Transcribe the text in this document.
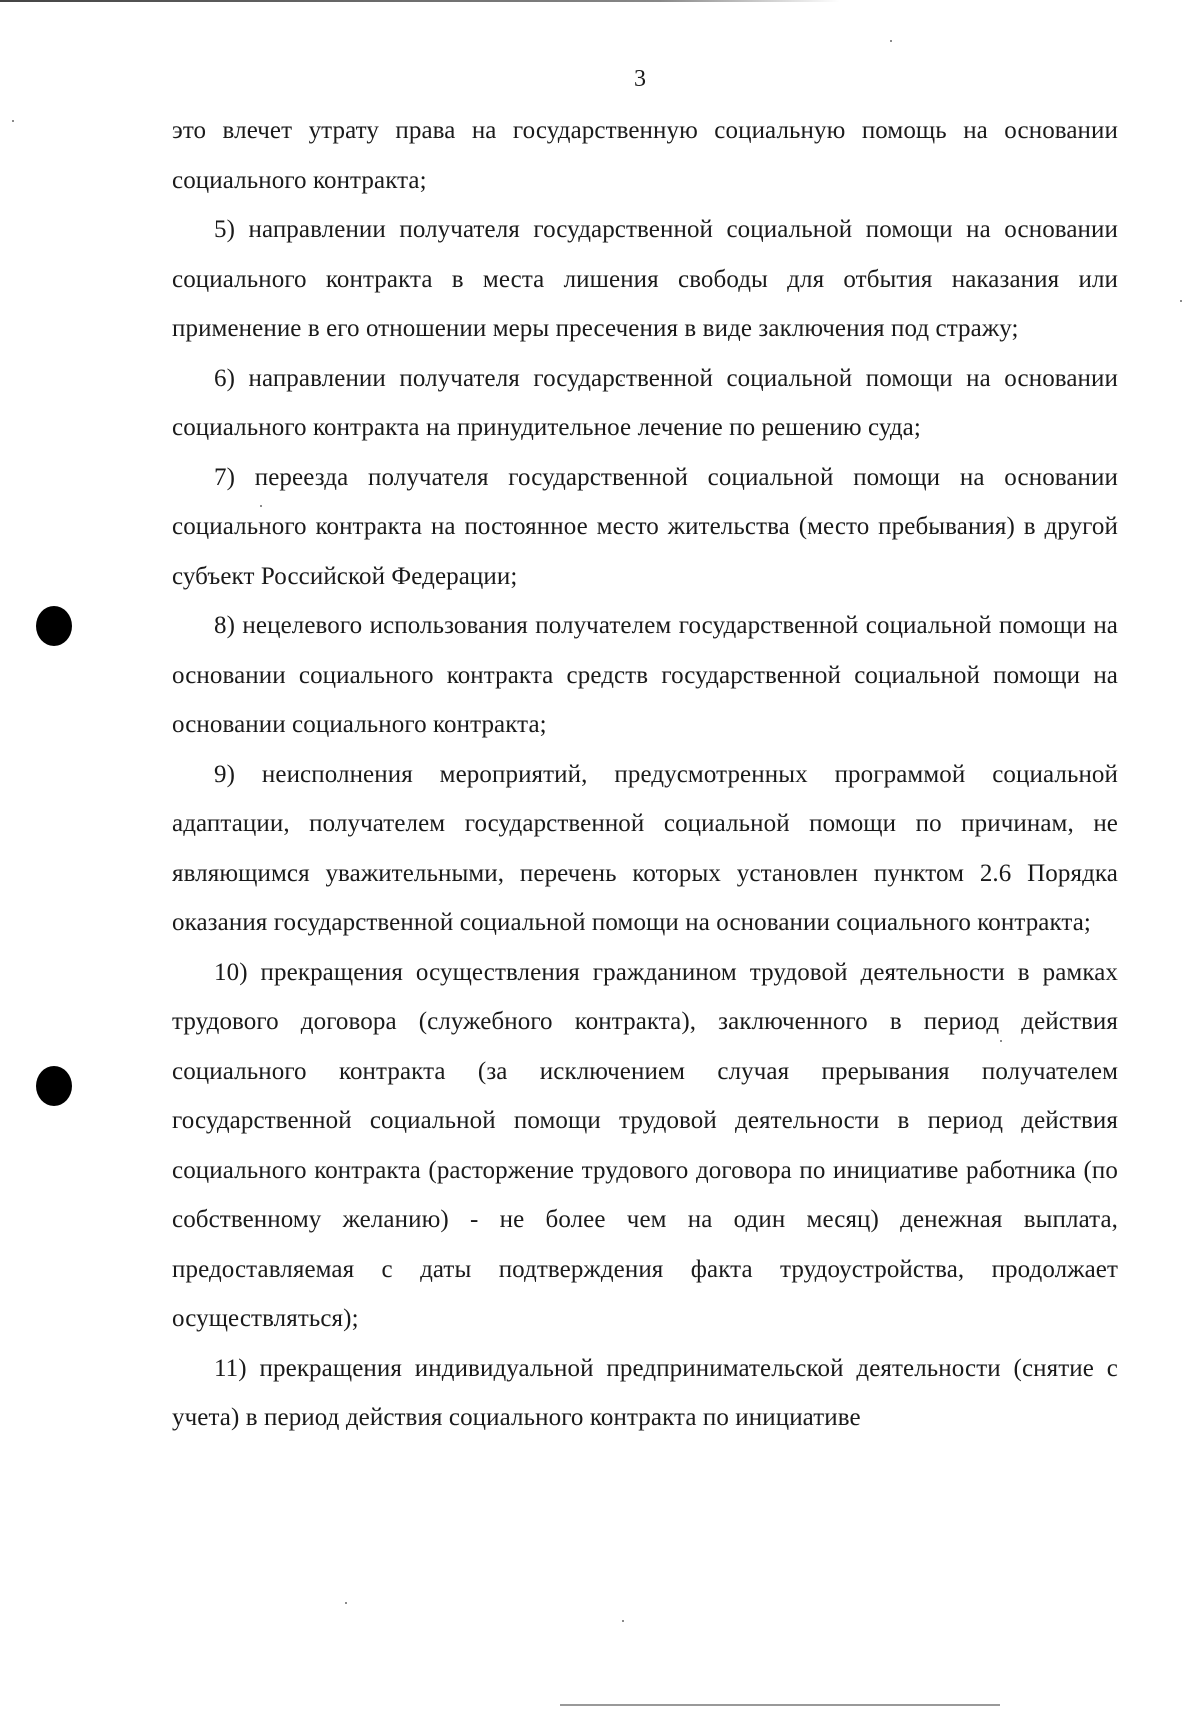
3

это влечет утрату права на государственную социальную помощь на основании социального контракта;

5) направлении получателя государственной социальной помощи на основании социального контракта в места лишения свободы для отбытия наказания или применение в его отношении меры пресечения в виде заключения под стражу;

6) направлении получателя государственной социальной помощи на основании социального контракта на принудительное лечение по решению суда;

7) переезда получателя государственной социальной помощи на основании социального контракта на постоянное место жительства (место пребывания) в другой субъект Российской Федерации;

8) нецелевого использования получателем государственной социальной помощи на основании социального контракта средств государственной социальной помощи на основании социального контракта;

9) неисполнения мероприятий, предусмотренных программой социальной адаптации, получателем государственной социальной помощи по причинам, не являющимся уважительными, перечень которых установлен пунктом 2.6 Порядка оказания государственной социальной помощи на основании социального контракта;

10) прекращения осуществления гражданином трудовой деятельности в рамках трудового договора (служебного контракта), заключенного в период действия социального контракта (за исключением случая прерывания получателем государственной социальной помощи трудовой деятельности в период действия социального контракта (расторжение трудового договора по инициативе работника (по собственному желанию) - не более чем на один месяц) денежная выплата, предоставляемая с даты подтверждения факта трудоустройства, продолжает осуществляться);

11) прекращения индивидуальной предпринимательской деятельности (снятие с учета) в период действия социального контракта по инициативе
